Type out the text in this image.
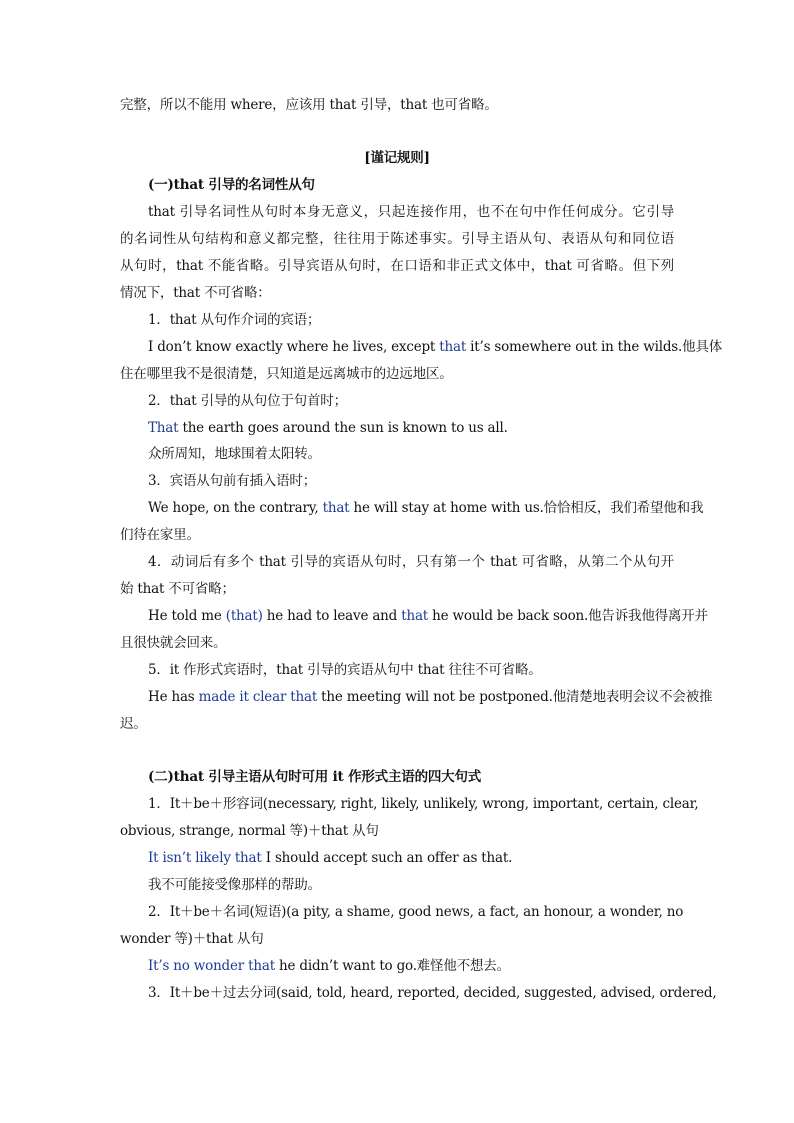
完整，所以不能用 where，应该用 that 引导，that 也可省略。
[谨记规则]
(一)that 引导的名词性从句
that 引导名词性从句时本身无意义，只起连接作用，也不在句中作任何成分。它引导
的名词性从句结构和意义都完整，往往用于陈述事实。引导主语从句、表语从句和同位语
从句时，that 不能省略。引导宾语从句时，在口语和非正式文体中，that 可省略。但下列
情况下，that 不可省略：
1．that 从句作介词的宾语；
I don’t know exactly where he lives, except that it’s somewhere out in the wilds.他具体
住在哪里我不是很清楚，只知道是远离城市的边远地区。
2．that 引导的从句位于句首时；
That the earth goes around the sun is known to us all.
众所周知，地球围着太阳转。
3．宾语从句前有插入语时；
We hope, on the contrary, that he will stay at home with us.恰恰相反，我们希望他和我
们待在家里。
4．动词后有多个 that 引导的宾语从句时，只有第一个 that 可省略，从第二个从句开
始 that 不可省略；
He told me (that) he had to leave and that he would be back soon.他告诉我他得离开并
且很快就会回来。
5．it 作形式宾语时，that 引导的宾语从句中 that 往往不可省略。
He has made it clear that the meeting will not be postponed.他清楚地表明会议不会被推
迟。
(二)that 引导主语从句时可用 it 作形式主语的四大句式
1．It＋be＋形容词(necessary, right, likely, unlikely, wrong, important, certain, clear,
obvious, strange, normal 等)＋that 从句
It isn’t likely that I should accept such an offer as that.
我不可能接受像那样的帮助。
2．It＋be＋名词(短语)(a pity, a shame, good news, a fact, an honour, a wonder, no
wonder 等)＋that 从句
It’s no wonder that he didn’t want to go.难怪他不想去。
3．It＋be＋过去分词(said, told, heard, reported, decided, suggested, advised, ordered,
